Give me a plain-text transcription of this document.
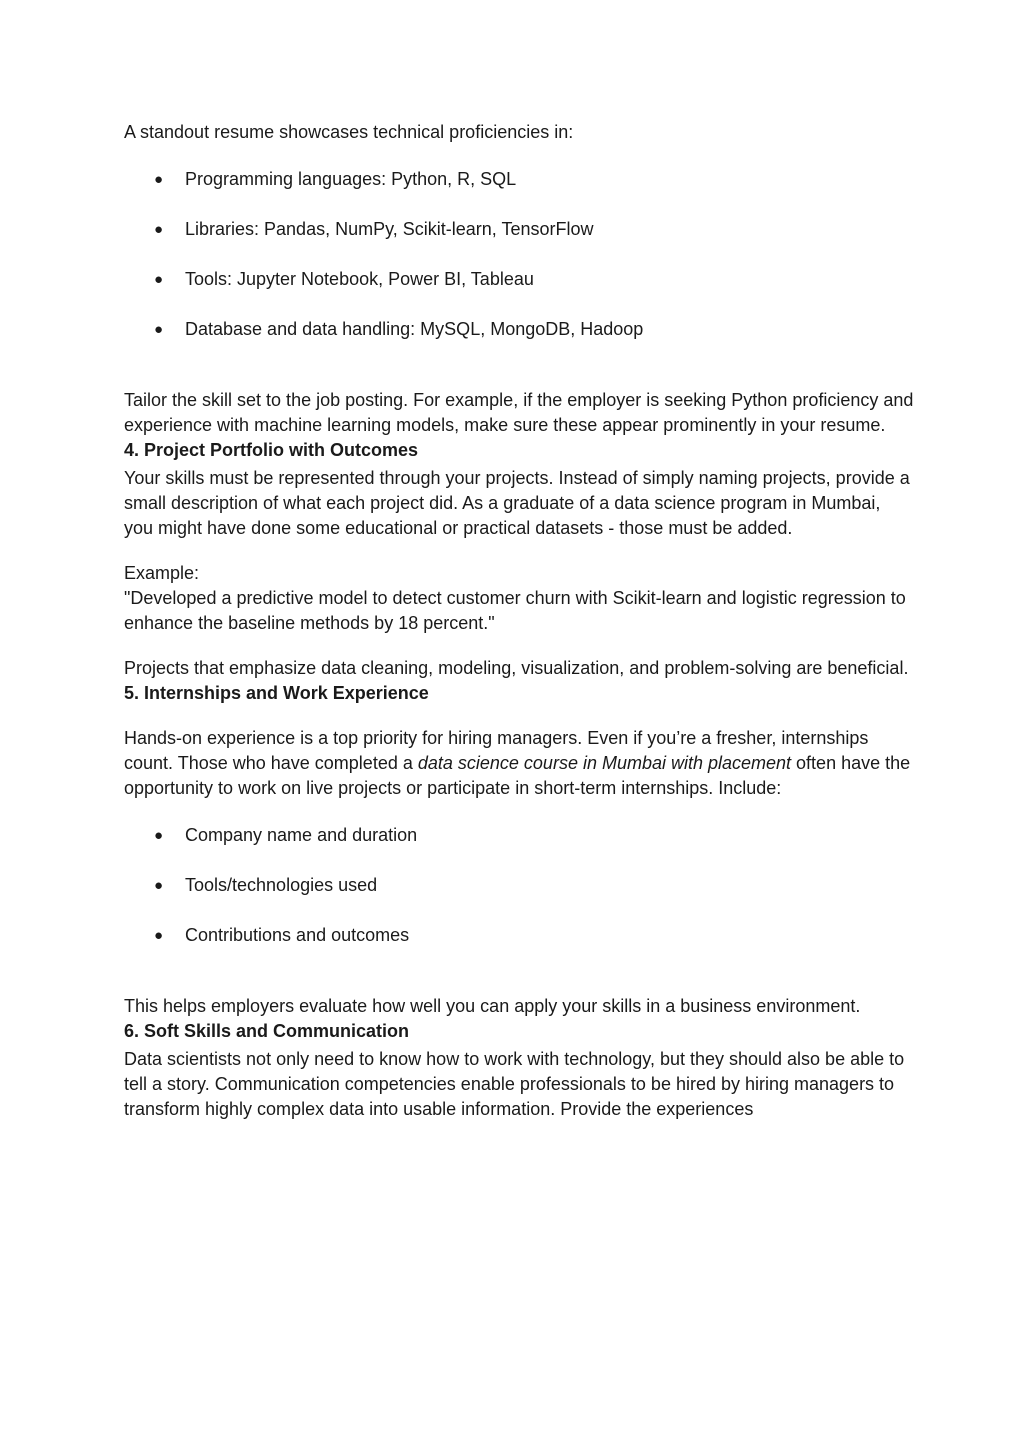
A standout resume showcases technical proficiencies in:

● Programming languages: Python, R, SQL
● Libraries: Pandas, NumPy, Scikit-learn, TensorFlow
● Tools: Jupyter Notebook, Power BI, Tableau
● Database and data handling: MySQL, MongoDB, Hadoop

Tailor the skill set to the job posting. For example, if the employer is seeking Python proficiency and experience with machine learning models, make sure these appear prominently in your resume.

4. Project Portfolio with Outcomes

Your skills must be represented through your projects. Instead of simply naming projects, provide a small description of what each project did. As a graduate of a data science program in Mumbai, you might have done some educational or practical datasets - those must be added.

Example:

"Developed a predictive model to detect customer churn with Scikit-learn and logistic regression to enhance the baseline methods by 18 percent."

Projects that emphasize data cleaning, modeling, visualization, and problem-solving are beneficial.

5. Internships and Work Experience

Hands-on experience is a top priority for hiring managers. Even if you’re a fresher, internships count. Those who have completed a data science course in Mumbai with placement often have the opportunity to work on live projects or participate in short-term internships. Include:

● Company name and duration
● Tools/technologies used
● Contributions and outcomes

This helps employers evaluate how well you can apply your skills in a business environment.

6. Soft Skills and Communication

Data scientists not only need to know how to work with technology, but they should also be able to tell a story. Communication competencies enable professionals to be hired by hiring managers to transform highly complex data into usable information. Provide the experiences
